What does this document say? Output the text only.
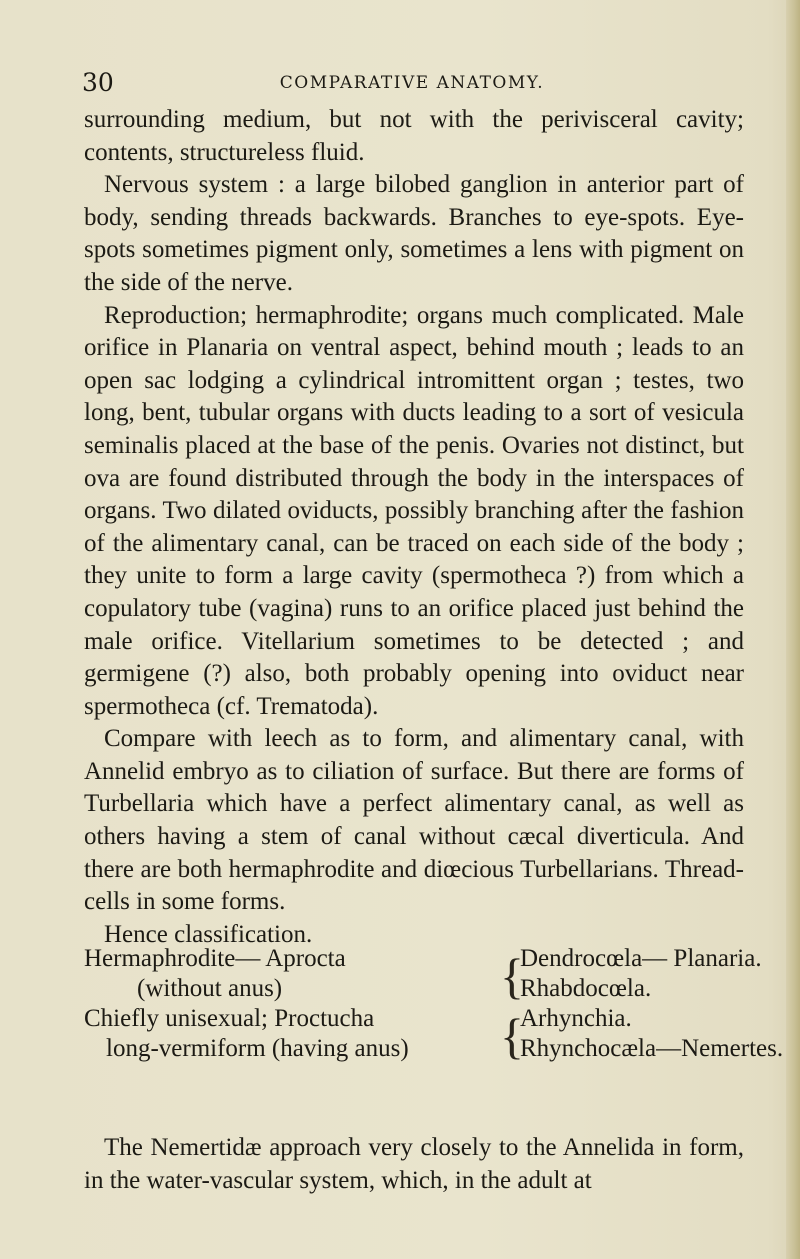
30	COMPARATIVE ANATOMY.

surrounding medium, but not with the perivisceral cavity; contents, structureless fluid.

Nervous system : a large bilobed ganglion in anterior part of body, sending threads backwards. Branches to eye-spots. Eye-spots sometimes pigment only, sometimes a lens with pigment on the side of the nerve.

Reproduction; hermaphrodite; organs much complicated. Male orifice in Planaria on ventral aspect, behind mouth ; leads to an open sac lodging a cylindrical intromittent organ ; testes, two long, bent, tubular organs with ducts leading to a sort of vesicula seminalis placed at the base of the penis. Ovaries not distinct, but ova are found distributed through the body in the interspaces of organs. Two dilated oviducts, possibly branching after the fashion of the alimentary canal, can be traced on each side of the body ; they unite to form a large cavity (spermotheca ?) from which a copulatory tube (vagina) runs to an orifice placed just behind the male orifice. Vitellarium sometimes to be detected ; and germigene (?) also, both probably opening into oviduct near spermotheca (cf. Trematoda).

Compare with leech as to form, and alimentary canal, with Annelid embryo as to ciliation of surface. But there are forms of Turbellaria which have a perfect alimentary canal, as well as others having a stem of canal without cæcal diverticula. And there are both hermaphrodite and diœcious Turbellarians. Thread-cells in some forms.

Hence classification.

Hermaphrodite— Aprocta
(without anus)	{
Dendrocœla— Planaria.
Rhabdocœla.
Chiefly unisexual; Proctucha
long-vermiform (having anus) {
Arhynchia.
Rhynchocæla—Nemertes.

The Nemertidæ approach very closely to the Annelida in form, in the water-vascular system, which, in the adult at
